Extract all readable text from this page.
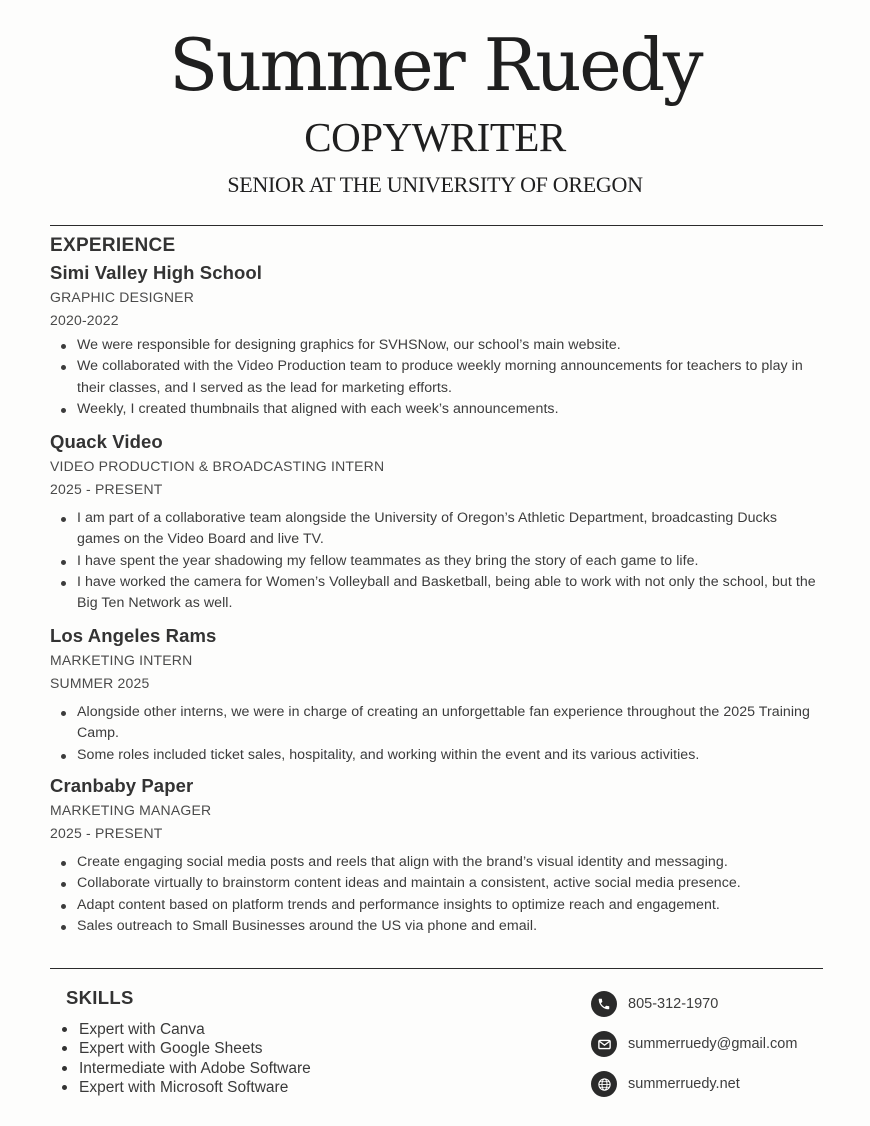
Summer Ruedy
COPYWRITER
SENIOR AT THE UNIVERSITY OF OREGON
EXPERIENCE
Simi Valley High School
GRAPHIC DESIGNER
2020-2022
We were responsible for designing graphics for SVHSNow, our school’s main website.
We collaborated with the Video Production team to produce weekly morning announcements for teachers to play in their classes, and I served as the lead for marketing efforts.
Weekly, I created thumbnails that aligned with each week’s announcements.
Quack Video
VIDEO PRODUCTION & BROADCASTING INTERN
2025 - PRESENT
I am part of a collaborative team alongside the University of Oregon’s Athletic Department, broadcasting Ducks games on the Video Board and live TV.
I have spent the year shadowing my fellow teammates as they bring the story of each game to life.
I have worked the camera for Women’s Volleyball and Basketball, being able to work with not only the school, but the Big Ten Network as well.
Los Angeles Rams
MARKETING INTERN
SUMMER 2025
Alongside other interns, we were in charge of creating an unforgettable fan experience throughout the 2025 Training Camp.
Some roles included ticket sales, hospitality, and working within the event and its various activities.
Cranbaby Paper
MARKETING MANAGER
2025 - PRESENT
Create engaging social media posts and reels that align with the brand’s visual identity and messaging.
Collaborate virtually to brainstorm content ideas and maintain a consistent, active social media presence.
Adapt content based on platform trends and performance insights to optimize reach and engagement.
Sales outreach to Small Businesses around the US via phone and email.
SKILLS
Expert with Canva
Expert with Google Sheets
Intermediate with Adobe Software
Expert with Microsoft Software
805-312-1970
summerruedy@gmail.com
summerruedy.net
